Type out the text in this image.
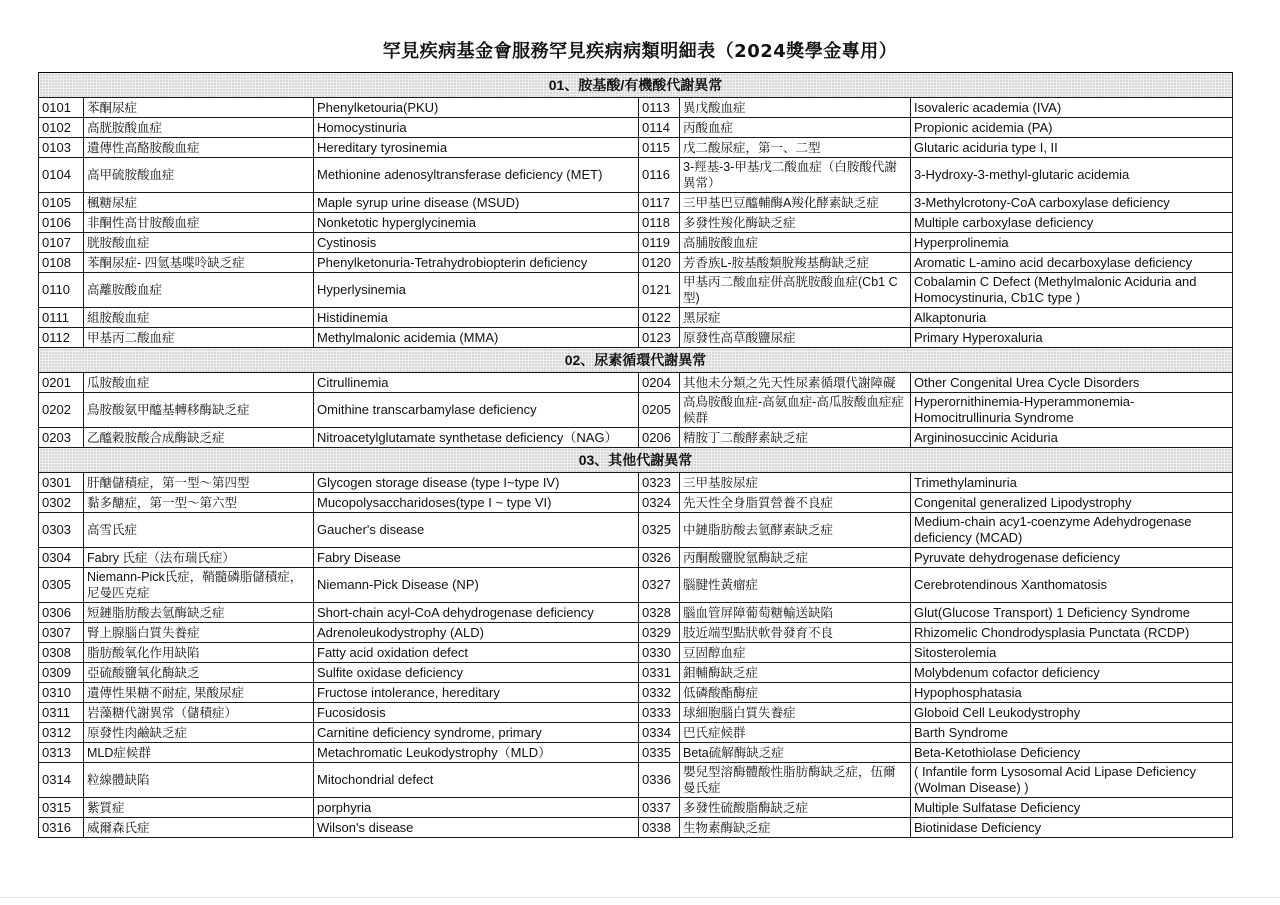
罕見疾病基金會服務罕見疾病病類明細表（2024獎學金專用）
01、胺基酸/有機酸代謝異常					
0101	苯酮尿症	Phenylketouria(PKU)	0113	異戊酸血症	Isovaleric academia (IVA)
0102	高胱胺酸血症	Homocystinuria	0114	丙酸血症	Propionic acidemia (PA)
0103	遺傳性高酪胺酸血症	Hereditary tyrosinemia	0115	戊二酸尿症，第一、二型	Glutaric aciduria type I, II
0104	高甲硫胺酸血症	Methionine adenosyltransferase deficiency (MET)	0116	3-羥基-3-甲基戊二酸血症（白胺酸代謝異常）	3-Hydroxy-3-methyl-glutaric acidemia
0105	楓糖尿症	Maple syrup urine disease (MSUD)	0117	三甲基巴豆醯輔酶A羧化酵素缺乏症	3-Methylcrotony-CoA carboxylase deficiency
0106	非酮性高甘胺酸血症	Nonketotic hyperglycinemia	0118	多發性羧化酶缺乏症	Multiple carboxylase deficiency
0107	胱胺酸血症	Cystinosis	0119	高脯胺酸血症	Hyperprolinemia
0108	苯酮尿症- 四氫基喋呤缺乏症	Phenylketonuria-Tetrahydrobiopterin deficiency	0120	芳香族L-胺基酸類脫羧基酶缺乏症	Aromatic L-amino acid decarboxylase deficiency
0110	高離胺酸血症	Hyperlysinemia	0121	甲基丙二酸血症併高胱胺酸血症(Cb1 C型)	Cobalamin C Defect (Methylmalonic Aciduria and Homocystinuria, Cb1C type )
0111	組胺酸血症	Histidinemia	0122	黑尿症	Alkaptonuria
0112	甲基丙二酸血症	Methylmalonic acidemia (MMA)	0123	原發性高草酸鹽尿症	Primary Hyperoxaluria
02、尿素循環代謝異常					
0201	瓜胺酸血症	Citrullinemia	0204	其他未分類之先天性尿素循環代謝障礙	Other Congenital Urea Cycle Disorders
0202	鳥胺酸氨甲醯基轉移酶缺乏症	Omithine transcarbamylase deficiency	0205	高鳥胺酸血症-高氨血症-高瓜胺酸血症症候群	Hyperornithinemia-Hyperammonemia-Homocitrullinuria Syndrome
0203	乙醯穀胺酸合成酶缺乏症	Nitroacetylglutamate synthetase deficiency（NAG）	0206	精胺丁二酸酵素缺乏症	Argininosuccinic Aciduria
03、其他代謝異常					
0301	肝醣儲積症，第一型～第四型	Glycogen storage disease (type I~type IV)	0323	三甲基胺尿症	Trimethylaminuria
0302	黏多醣症，第一型～第六型	Mucopolysaccharidoses(type I ~ type VI)	0324	先天性全身脂質營養不良症	Congenital generalized Lipodystrophy
0303	高雪氏症	Gaucher's disease	0325	中鏈脂肪酸去氫酵素缺乏症	Medium-chain acy1-coenzyme Adehydrogenase deficiency (MCAD)
0304	Fabry 氏症（法布瑞氏症）	Fabry Disease	0326	丙酮酸鹽脫氫酶缺乏症	Pyruvate dehydrogenase deficiency
0305	Niemann-Pick氏症，鞘髓磷脂儲積症，尼曼匹克症	Niemann-Pick Disease (NP)	0327	腦腱性黃瘤症	Cerebrotendinous Xanthomatosis
0306	短鏈脂肪酸去氫酶缺乏症	Short-chain acyl-CoA dehydrogenase deficiency	0328	腦血管屏障葡萄糖輸送缺陷	Glut(Glucose Transport) 1 Deficiency Syndrome
0307	腎上腺腦白質失養症	Adrenoleukodystrophy (ALD)	0329	肢近端型點狀軟骨發育不良	Rhizomelic Chondrodysplasia Punctata (RCDP)
0308	脂肪酸氧化作用缺陷	Fatty acid oxidation defect	0330	豆固醇血症	Sitosterolemia
0309	亞硫酸鹽氧化酶缺乏	Sulfite oxidase deficiency	0331	鉬輔酶缺乏症	Molybdenum cofactor deficiency
0310	遺傳性果糖不耐症, 果酸尿症	Fructose intolerance, hereditary	0332	低磷酸酯酶症	Hypophosphatasia
0311	岩藻糖代謝異常（儲積症）	Fucosidosis	0333	球細胞腦白質失養症	Globoid Cell Leukodystrophy
0312	原發性肉鹼缺乏症	Carnitine deficiency syndrome, primary	0334	巴氏症候群	Barth Syndrome
0313	MLD症候群	Metachromatic Leukodystrophy（MLD）	0335	Beta硫解酶缺乏症	Beta-Ketothiolase Deficiency
0314	粒線體缺陷	Mitochondrial defect	0336	嬰兒型溶酶體酸性脂肪酶缺乏症，伍爾曼氏症	( Infantile form Lysosomal Acid Lipase Deficiency (Wolman Disease) )
0315	紫質症	porphyria	0337	多發性硫酸脂酶缺乏症	Multiple Sulfatase Deficiency
0316	威爾森氏症	Wilson's disease	0338	生物素酶缺乏症	Biotinidase Deficiency
